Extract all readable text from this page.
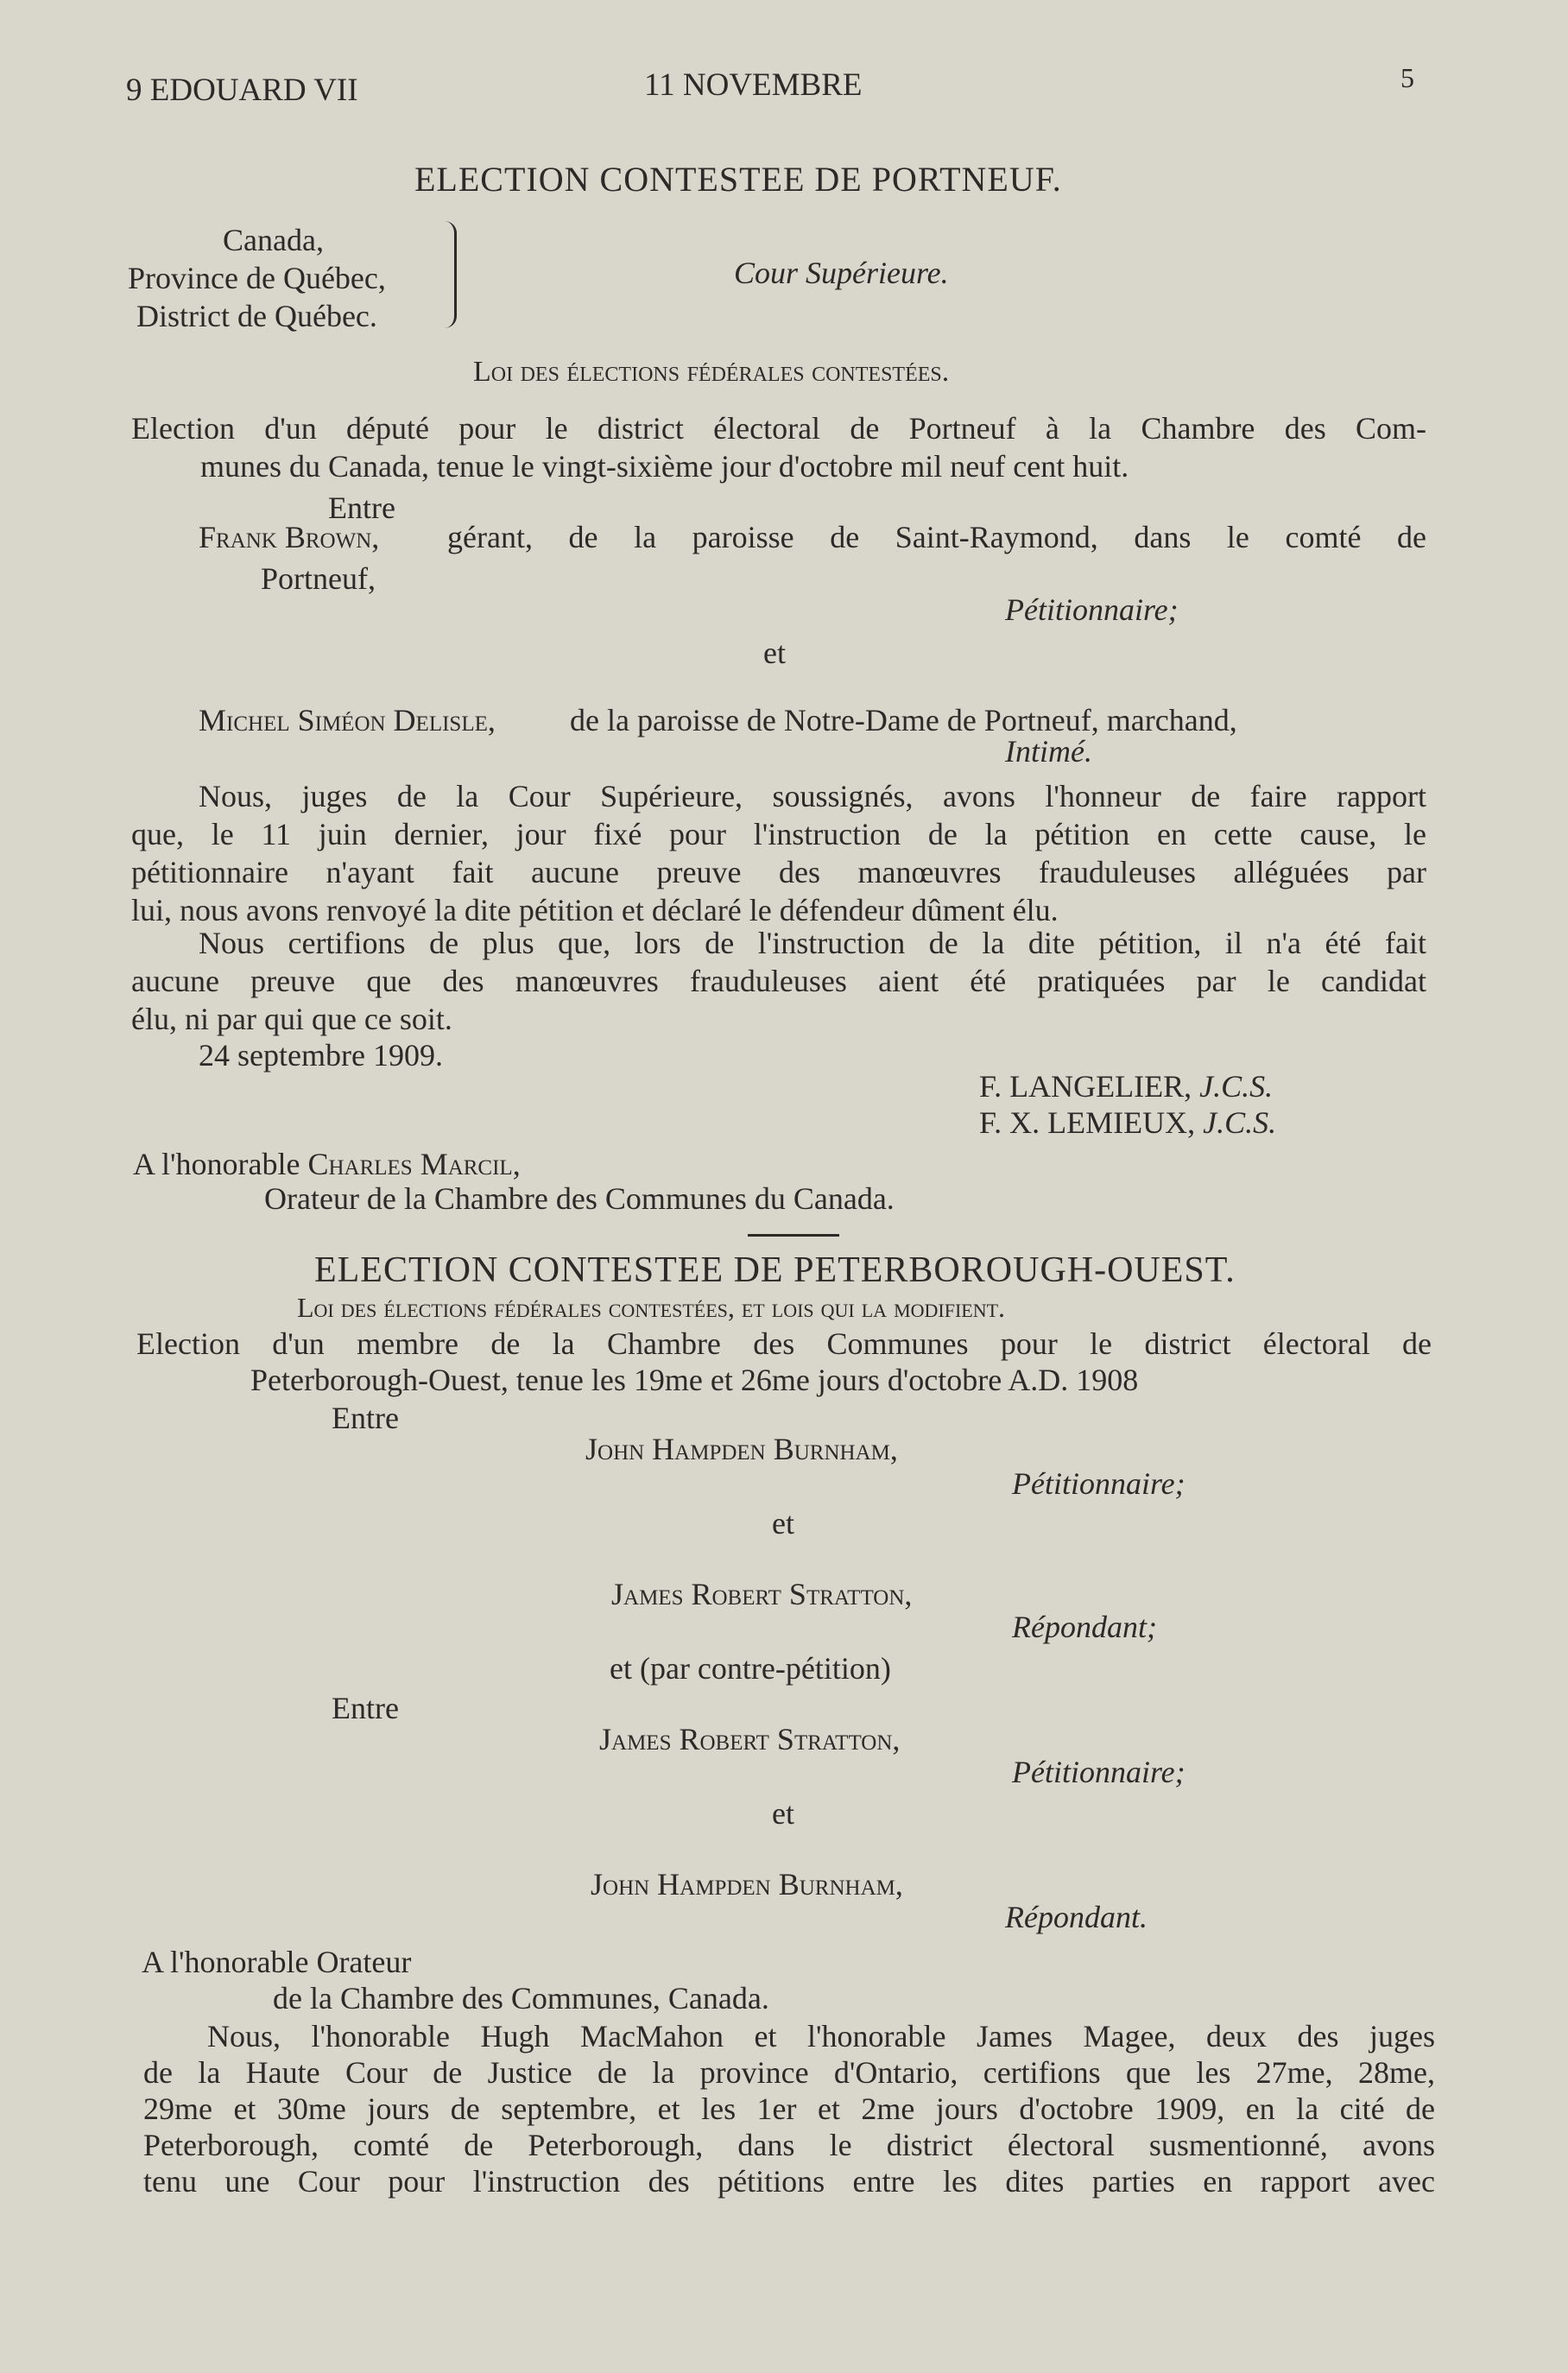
9 EDOUARD VII	11 NOVEMBRE	5
ELECTION CONTESTEE DE PORTNEUF.
Canada,
Province de Québec,
District de Québec.
Cour Supérieure.
Loi des élections fédérales contestées.
Election d'un député pour le district électoral de Portneuf à la Chambre des Com-
munes du Canada, tenue le vingt-sixième jour d'octobre mil neuf cent huit.
Entre
Frank Brown, gérant, de la paroisse de Saint-Raymond, dans le comté de
Portneuf,
Pétitionnaire;
et
Michel Siméon Delisle, de la paroisse de Notre-Dame de Portneuf, marchand,
Intimé.
Nous, juges de la Cour Supérieure, soussignés, avons l'honneur de faire rapport
que, le 11 juin dernier, jour fixé pour l'instruction de la pétition en cette cause, le
pétitionnaire n'ayant fait aucune preuve des manœuvres frauduleuses alléguées par
lui, nous avons renvoyé la dite pétition et déclaré le défendeur dûment élu.
Nous certifions de plus que, lors de l'instruction de la dite pétition, il n'a été fait
aucune preuve que des manœuvres frauduleuses aient été pratiquées par le candidat
élu, ni par qui que ce soit.
24 septembre 1909.
F. LANGELIER, J.C.S.
F. X. LEMIEUX, J.C.S.
A l'honorable Charles Marcil,
Orateur de la Chambre des Communes du Canada.
ELECTION CONTESTEE DE PETERBOROUGH-OUEST.
Loi des élections fédérales contestées, et lois qui la modifient.
Election d'un membre de la Chambre des Communes pour le district électoral de
Peterborough-Ouest, tenue les 19me et 26me jours d'octobre A.D. 1908
Entre
John Hampden Burnham,
Pétitionnaire;
et
James Robert Stratton,
Répondant;
et (par contre-pétition)
Entre
James Robert Stratton,
Pétitionnaire;
et
John Hampden Burnham,
Répondant.
A l'honorable Orateur
de la Chambre des Communes, Canada.
Nous, l'honorable Hugh MacMahon et l'honorable James Magee, deux des juges
de la Haute Cour de Justice de la province d'Ontario, certifions que les 27me, 28me,
29me et 30me jours de septembre, et les 1er et 2me jours d'octobre 1909, en la cité de
Peterborough, comté de Peterborough, dans le district électoral susmentionné, avons
tenu une Cour pour l'instruction des pétitions entre les dites parties en rapport avec
